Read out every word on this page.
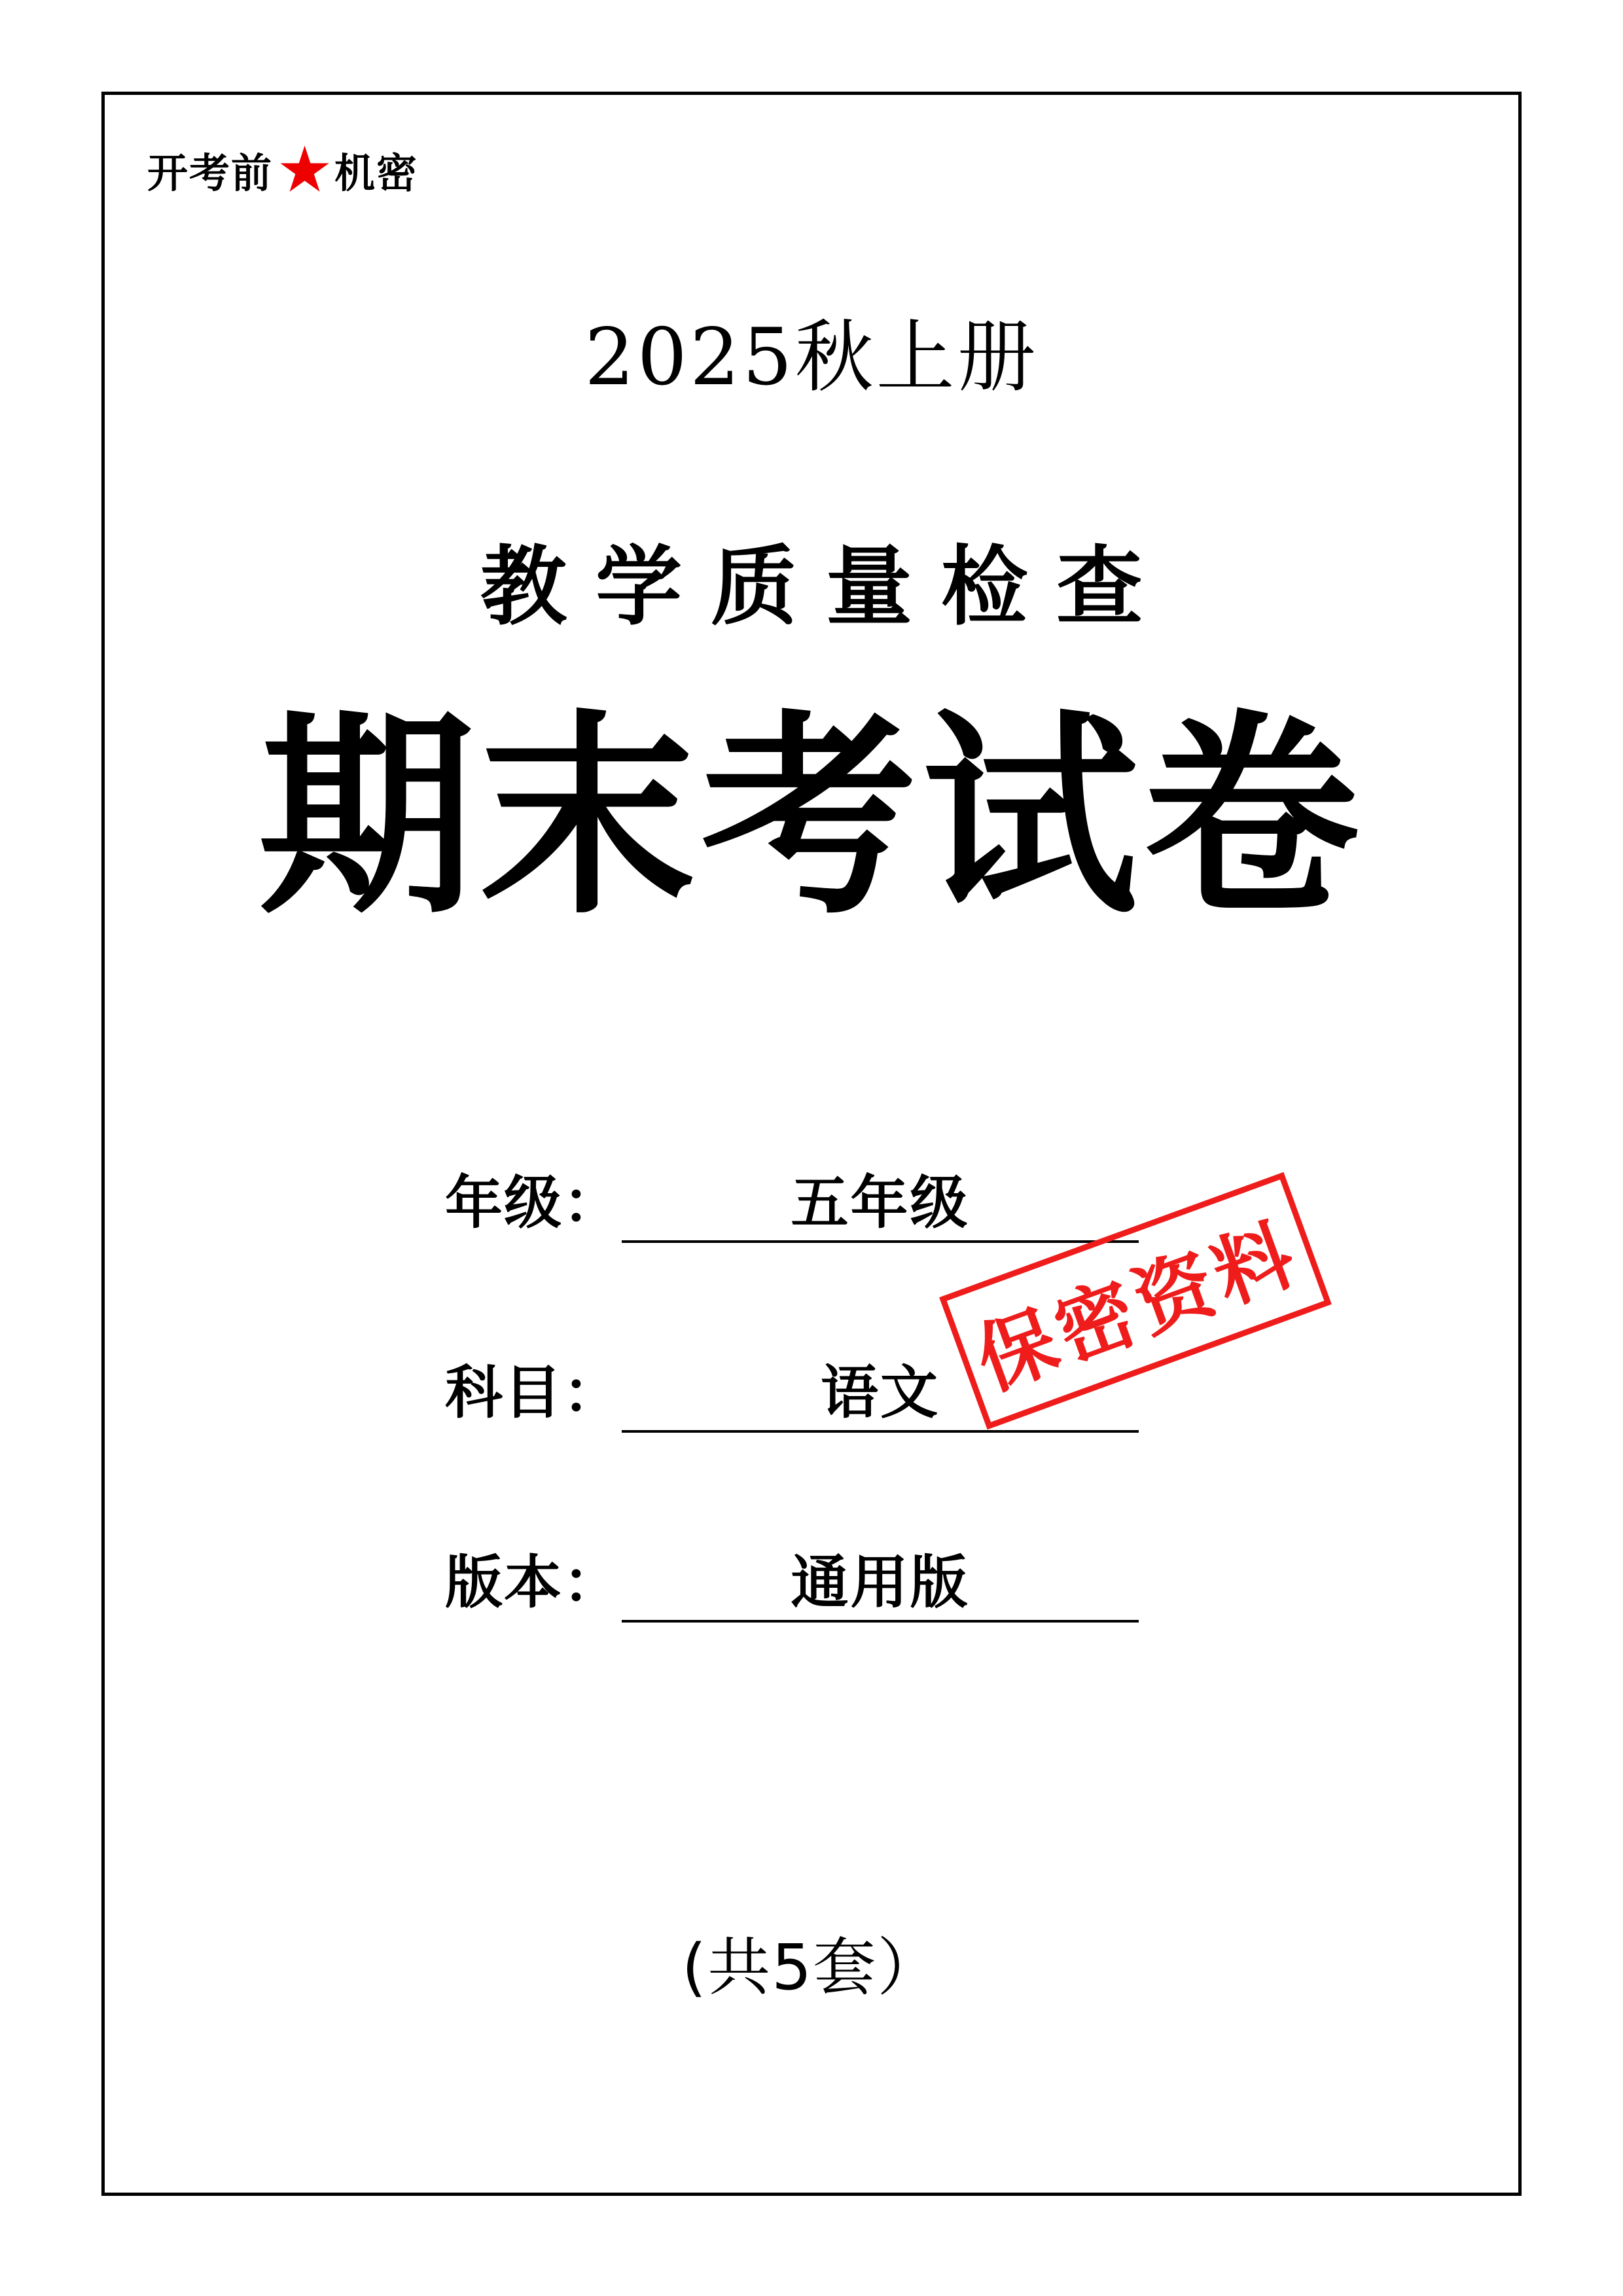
开考前 ★ 机密
2025秋上册
教学质量检查
期末考试卷
年级：	五年级
科目：	语文
版本：	通用版
保密资料
(共5套）
